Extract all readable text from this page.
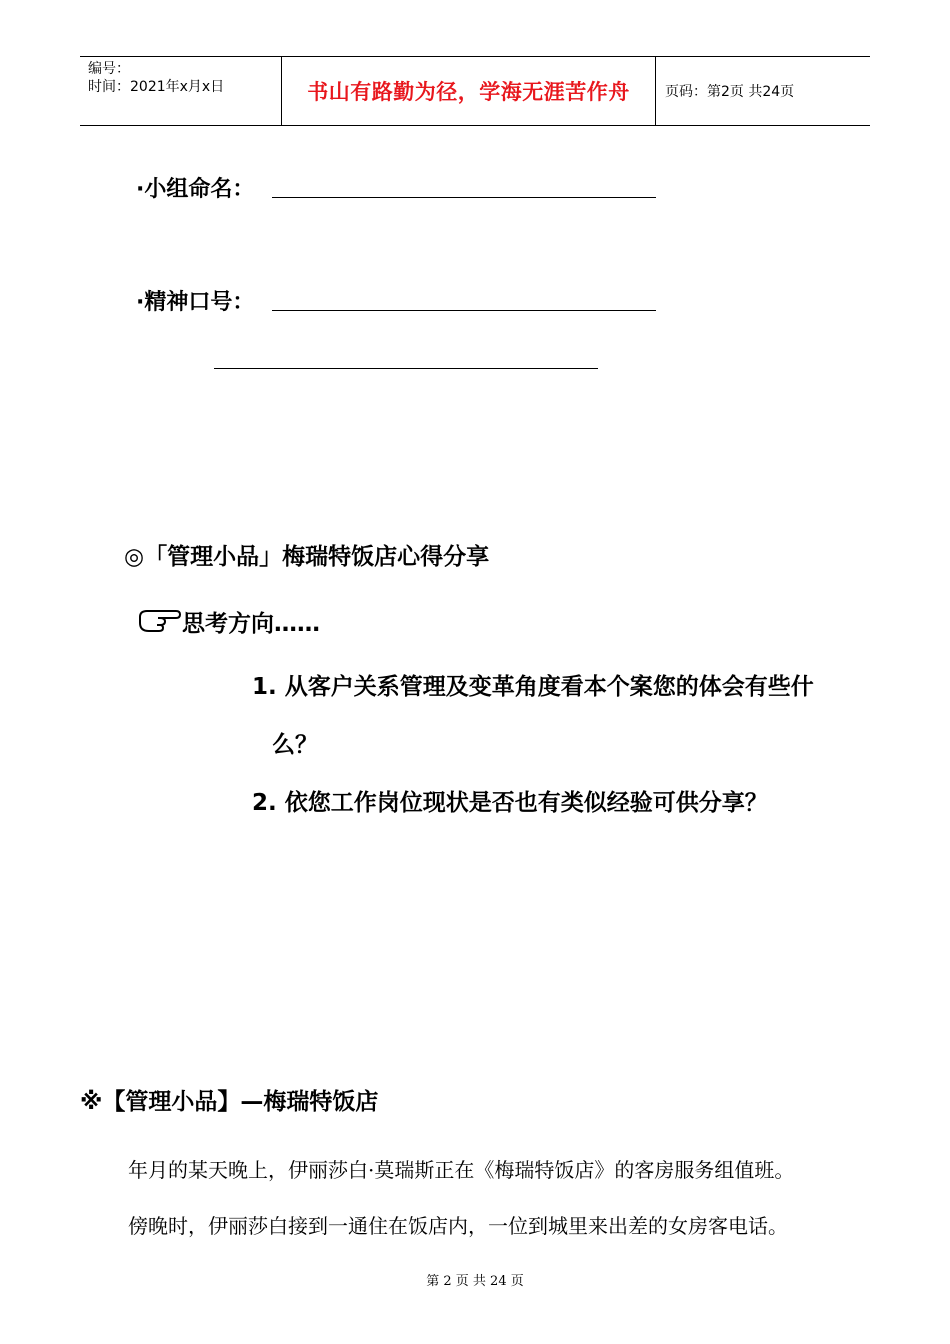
编号：
时间：2021年x月x日	书山有路勤为径，学海无涯苦作舟	页码：第2页 共24页
·小组命名：
·精神口号：
◎「管理小品」梅瑞特饭店心得分享
思考方向……
1. 从客户关系管理及变革角度看本个案您的体会有些什
么？
2. 依您工作岗位现状是否也有类似经验可供分享？
※【管理小品】—梅瑞特饭店
年月的某天晚上，伊丽莎白·莫瑞斯正在《梅瑞特饭店》的客房服务组值班。
傍晚时，伊丽莎白接到一通住在饭店内，一位到城里来出差的女房客电话。
第 2 页 共 24 页
